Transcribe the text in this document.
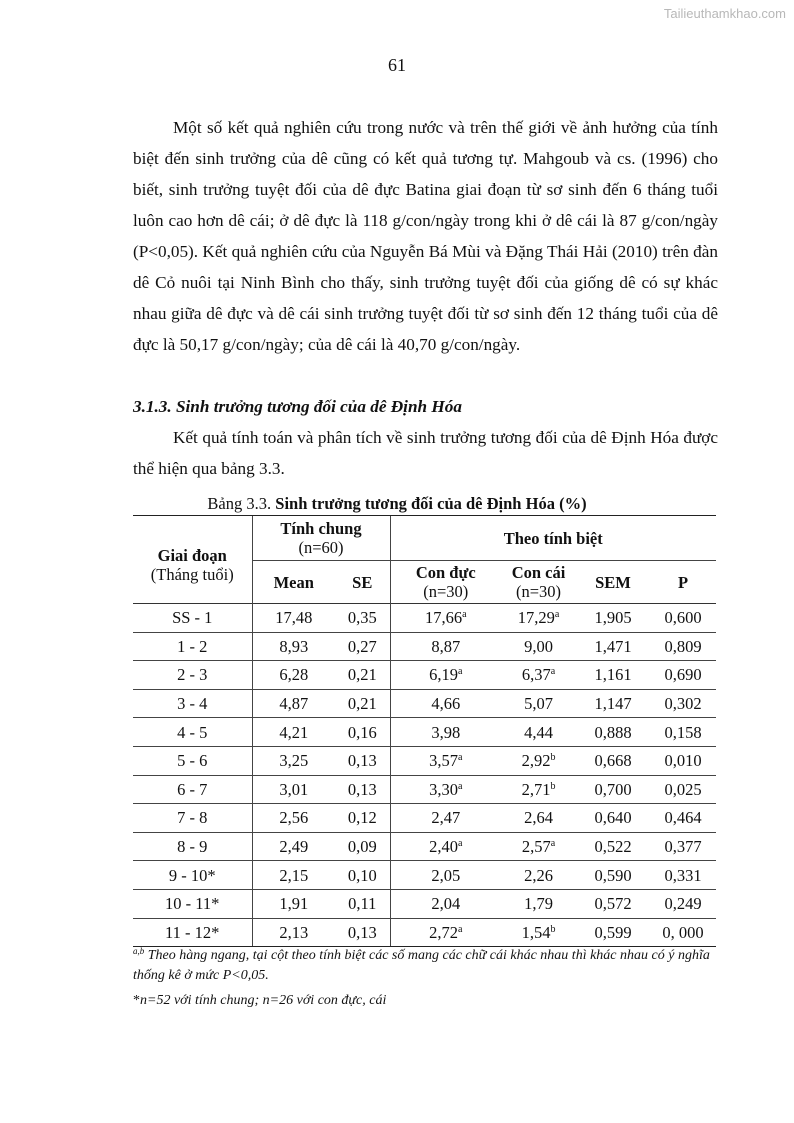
Tailieuthamkhao.com
61
Một số kết quả nghiên cứu trong nước và trên thế giới về ảnh hưởng của tính biệt đến sinh trưởng của dê cũng có kết quả tương tự. Mahgoub và cs. (1996) cho biết, sinh trưởng tuyệt đối của dê đực Batina giai đoạn từ sơ sinh đến 6 tháng tuổi luôn cao hơn dê cái; ở dê đực là 118 g/con/ngày trong khi ở dê cái là 87 g/con/ngày (P<0,05). Kết quả nghiên cứu của Nguyễn Bá Mùi và Đặng Thái Hải (2010) trên đàn dê Cỏ nuôi tại Ninh Bình cho thấy, sinh trưởng tuyệt đối của giống dê có sự khác nhau giữa dê đực và dê cái sinh trưởng tuyệt đối từ sơ sinh đến 12 tháng tuổi của dê đực là 50,17 g/con/ngày; của dê cái là 40,70 g/con/ngày.
3.1.3. Sinh trưởng tương đối của dê Định Hóa
Kết quả tính toán và phân tích về sinh trưởng tương đối của dê Định Hóa được thể hiện qua bảng 3.3.
Bảng 3.3. Sinh trưởng tương đối của dê Định Hóa (%)
Giai đoạn
(Tháng tuổi)	Tính chung
(n=60)		Theo tính biệt			
	Mean	SE	Con đực
(n=30)	Con cái
(n=30)	SEM	P
SS - 1	17,48	0,35	17,66$^a$	17,29$^a$	1,905	0,600
1 - 2	8,93	0,27	8,87	9,00	1,471	0,809
2 - 3	6,28	0,21	6,19$^a$	6,37$^a$	1,161	0,690
3 - 4	4,87	0,21	4,66	5,07	1,147	0,302
4 - 5	4,21	0,16	3,98	4,44	0,888	0,158
5 - 6	3,25	0,13	3,57$^a$	2,92$^b$	0,668	0,010
6 - 7	3,01	0,13	3,30$^a$	2,71$^b$	0,700	0,025
7 - 8	2,56	0,12	2,47	2,64	0,640	0,464
8 - 9	2,49	0,09	2,40$^a$	2,57$^a$	0,522	0,377
9 - 10*	2,15	0,10	2,05	2,26	0,590	0,331
10 - 11*	1,91	0,11	2,04	1,79	0,572	0,249
11 - 12*	2,13	0,13	2,72$^a$	1,54$^b$	0,599	0, 000
$^{a,b}$ Theo hàng ngang, tại cột theo tính biệt các số mang các chữ cái khác nhau thì khác nhau có ý nghĩa thống kê ở mức P<0,05.
*n=52 với tính chung; n=26 với con đực, cái
